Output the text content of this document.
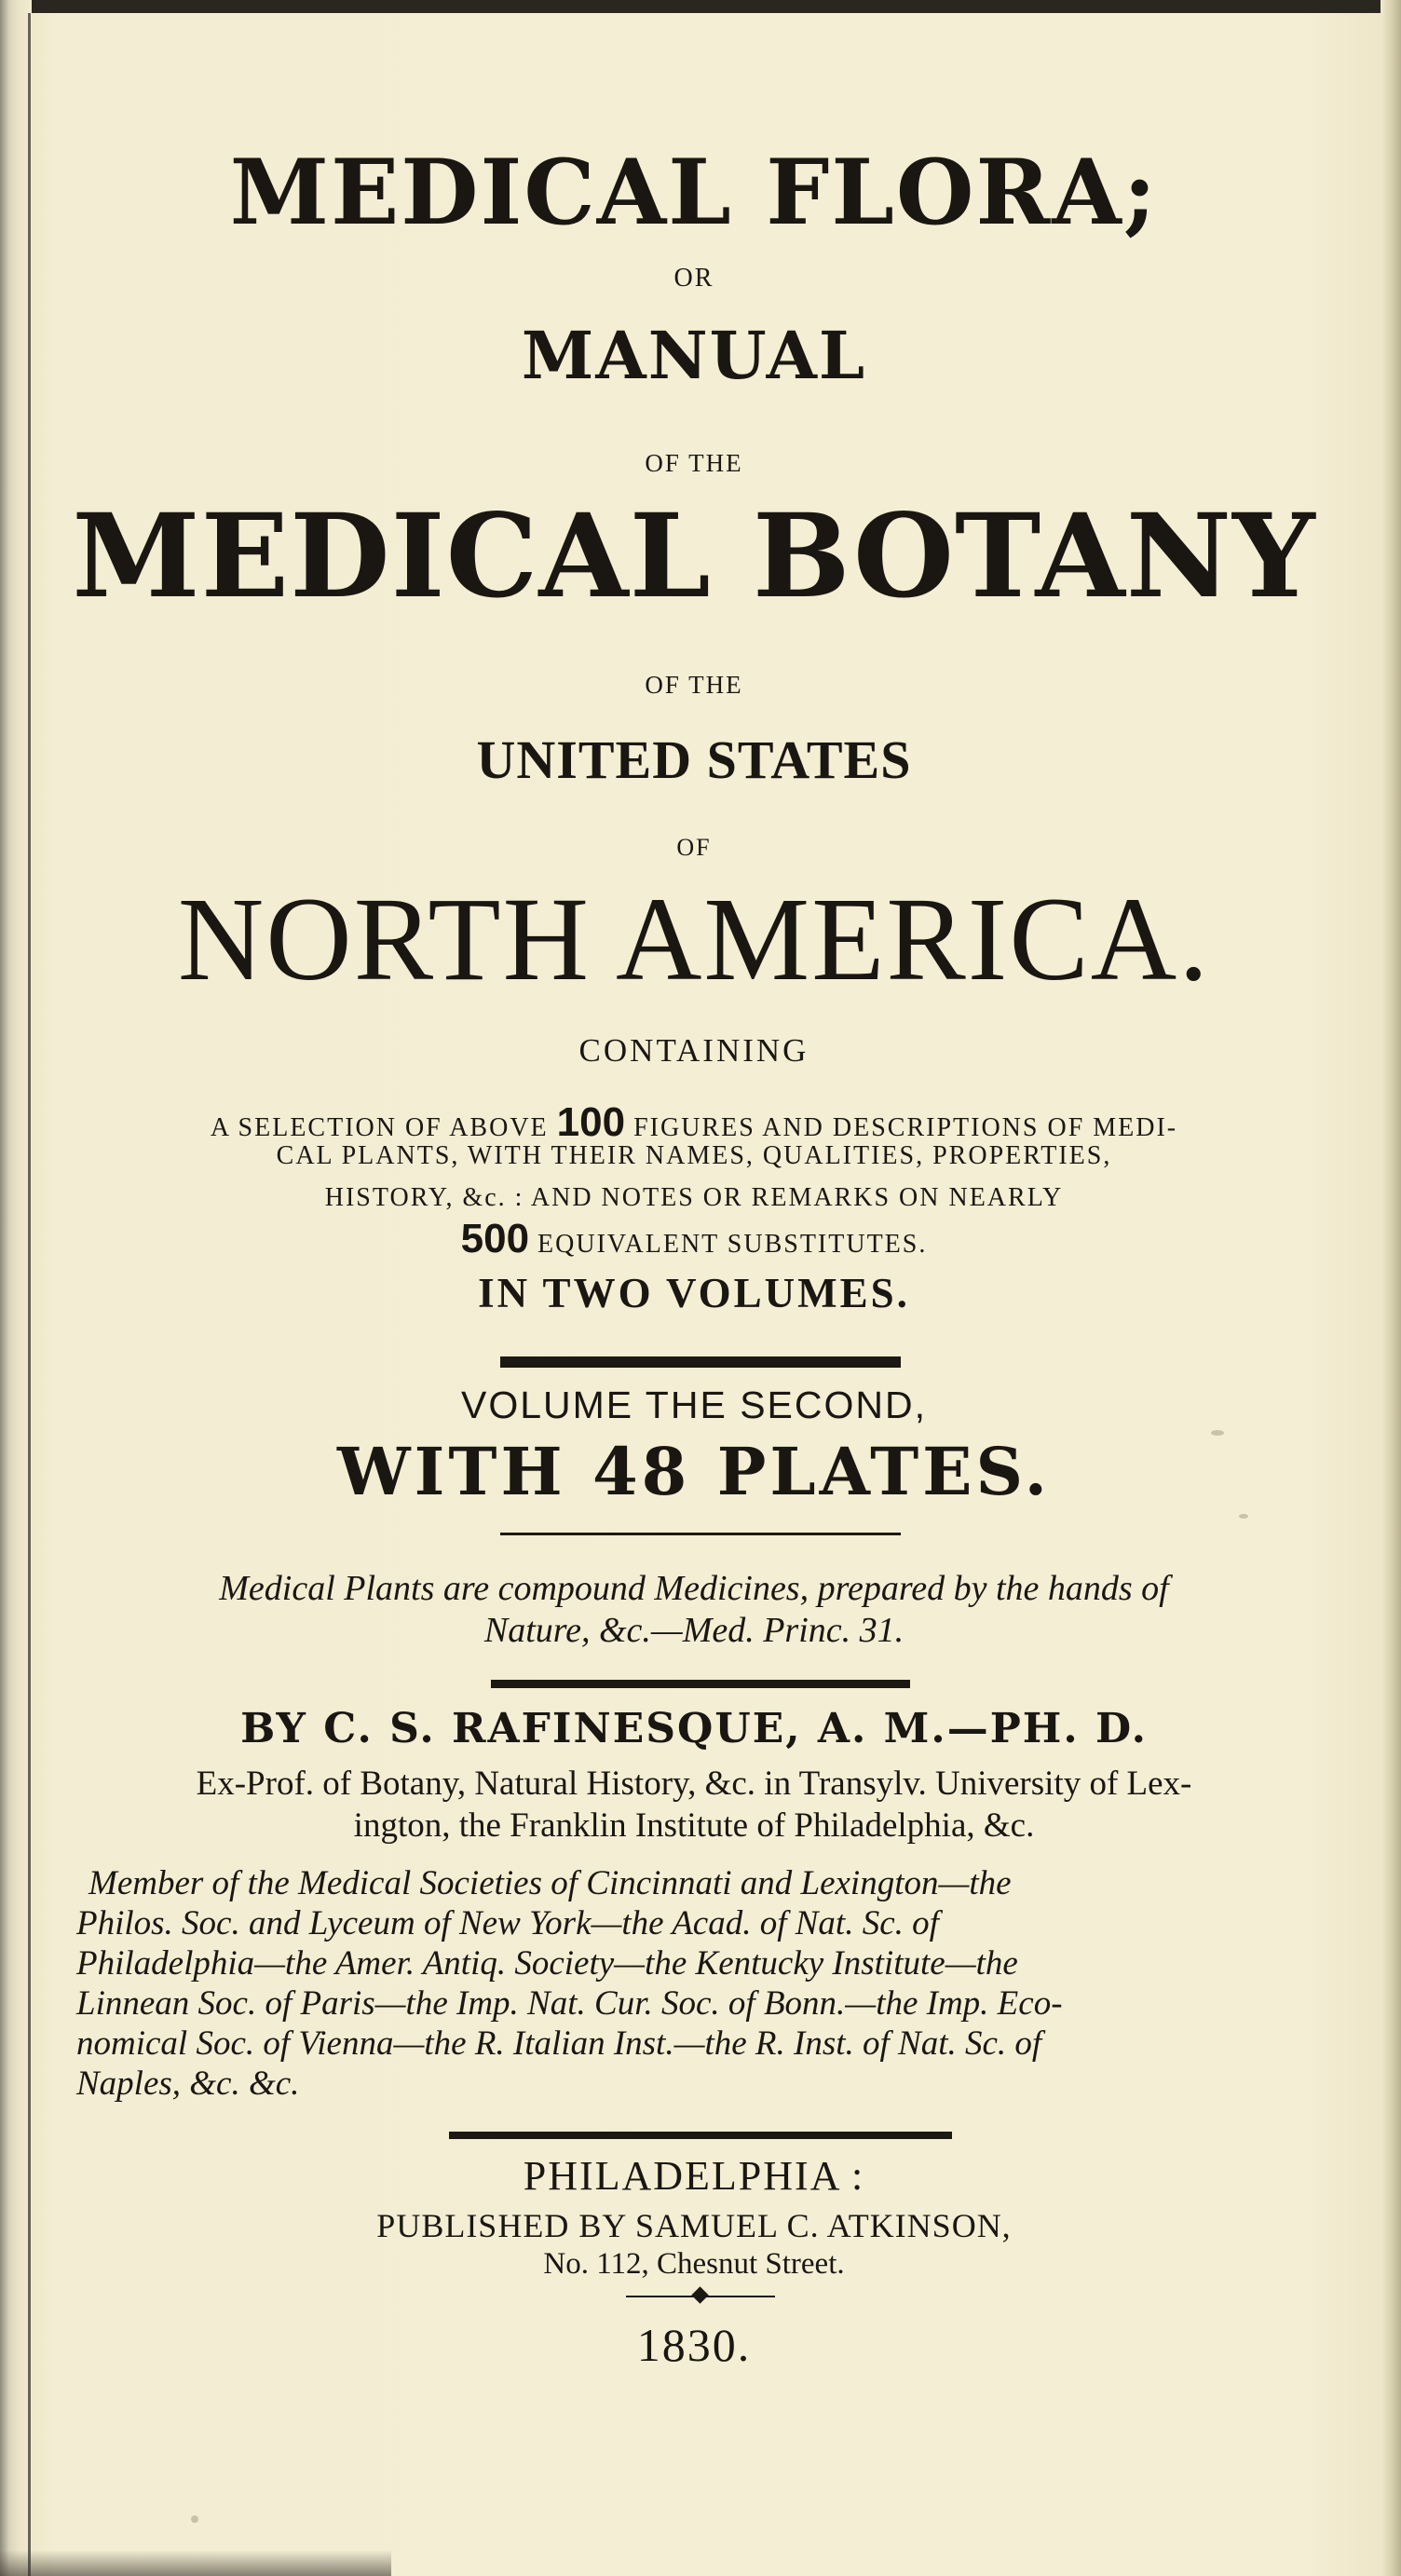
MEDICAL FLORA;

OR

MANUAL

OF THE

MEDICAL BOTANY

OF THE

UNITED STATES

OF

NORTH AMERICA.

CONTAINING

A SELECTION OF ABOVE 100 FIGURES AND DESCRIPTIONS OF MEDI-

CAL PLANTS, WITH THEIR NAMES, QUALITIES, PROPERTIES,

HISTORY, &c. : AND NOTES OR REMARKS ON NEARLY

500 EQUIVALENT SUBSTITUTES.

IN TWO VOLUMES.

VOLUME THE SECOND,

WITH 48 PLATES.

Medical Plants are compound Medicines, prepared by the hands of

Nature, &c.—Med. Princ. 31.

BY C. S. RAFINESQUE, A. M.—PH. D.

Ex-Prof. of Botany, Natural History, &c. in Transylv. University of Lex-

ington, the Franklin Institute of Philadelphia, &c.

Member of the Medical Societies of Cincinnati and Lexington—the

Philos. Soc. and Lyceum of New York—the Acad. of Nat. Sc. of

Philadelphia—the Amer. Antiq. Society—the Kentucky Institute—the

Linnean Soc. of Paris—the Imp. Nat. Cur. Soc. of Bonn.—the Imp. Eco-

nomical Soc. of Vienna—the R. Italian Inst.—the R. Inst. of Nat. Sc. of

Naples, &c. &c.

PHILADELPHIA :

PUBLISHED BY SAMUEL C. ATKINSON,

No. 112, Chesnut Street.

1830.
